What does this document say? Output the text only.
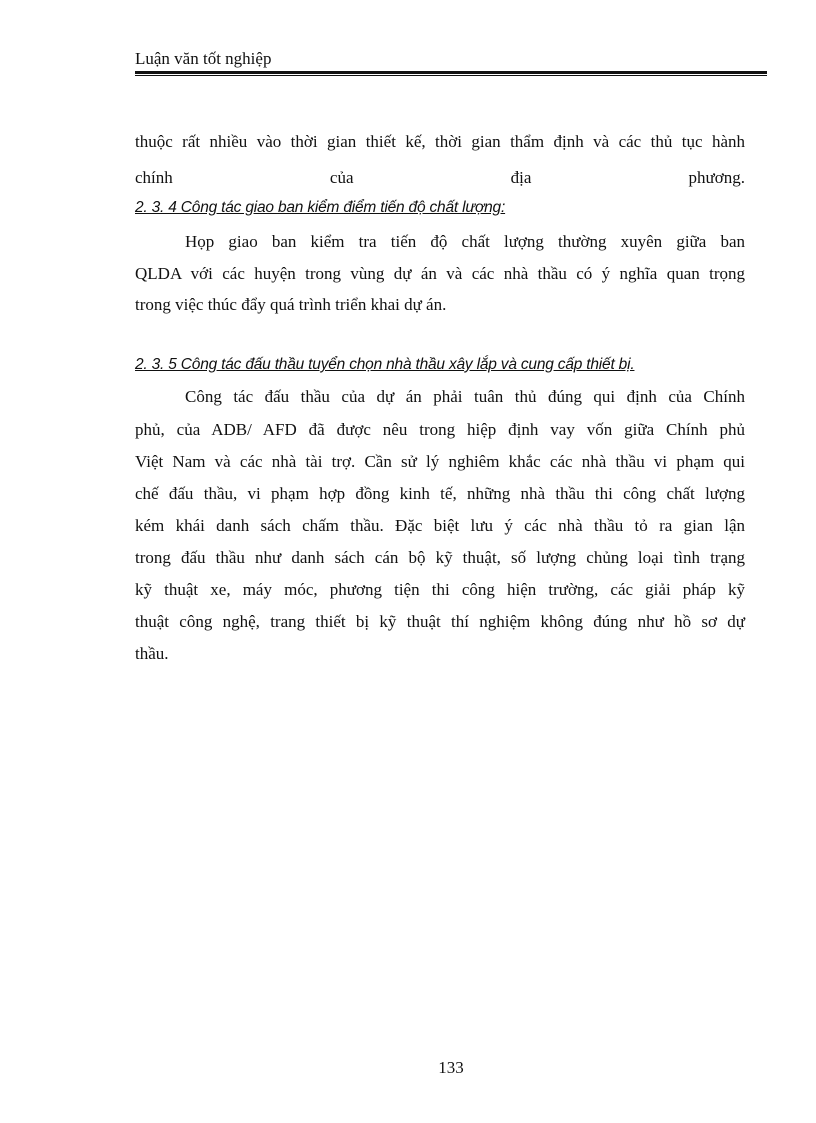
Luận văn tốt nghiệp
thuộc rất nhiều vào thời gian thiết kế, thời gian thẩm định và các thủ tục hành
chính của địa phương.
2. 3. 4 Công tác giao ban kiểm điểm tiến độ chất lượng:
Họp giao ban kiểm tra tiến độ chất lượng thường xuyên giữa ban
QLDA với các huyện trong vùng dự án và các nhà thầu có ý nghĩa quan trọng
trong việc thúc đẩy quá trình triển khai dự án.
2. 3. 5 Công tác đấu thầu tuyển chọn nhà thầu xây lắp và cung cấp thiết bị.
Công tác đấu thầu của dự án phải tuân thủ đúng qui định của Chính
phủ, của ADB/ AFD đã được nêu trong hiệp định vay vốn giữa Chính phủ
Việt Nam và các nhà tài trợ. Cần sử lý nghiêm khắc các nhà thầu vi phạm qui
chế đấu thầu, vi phạm hợp đồng kinh tế, những nhà thầu thi công chất lượng
kém khái danh sách chấm thầu. Đặc biệt lưu ý các nhà thầu tỏ ra gian lận
trong đấu thầu như danh sách cán bộ kỹ thuật, số lượng chủng loại tình trạng
kỹ thuật xe, máy móc, phương tiện thi công hiện trường, các giải pháp kỹ
thuật công nghệ, trang thiết bị kỹ thuật thí nghiệm không đúng như hồ sơ dự
thầu.
133
